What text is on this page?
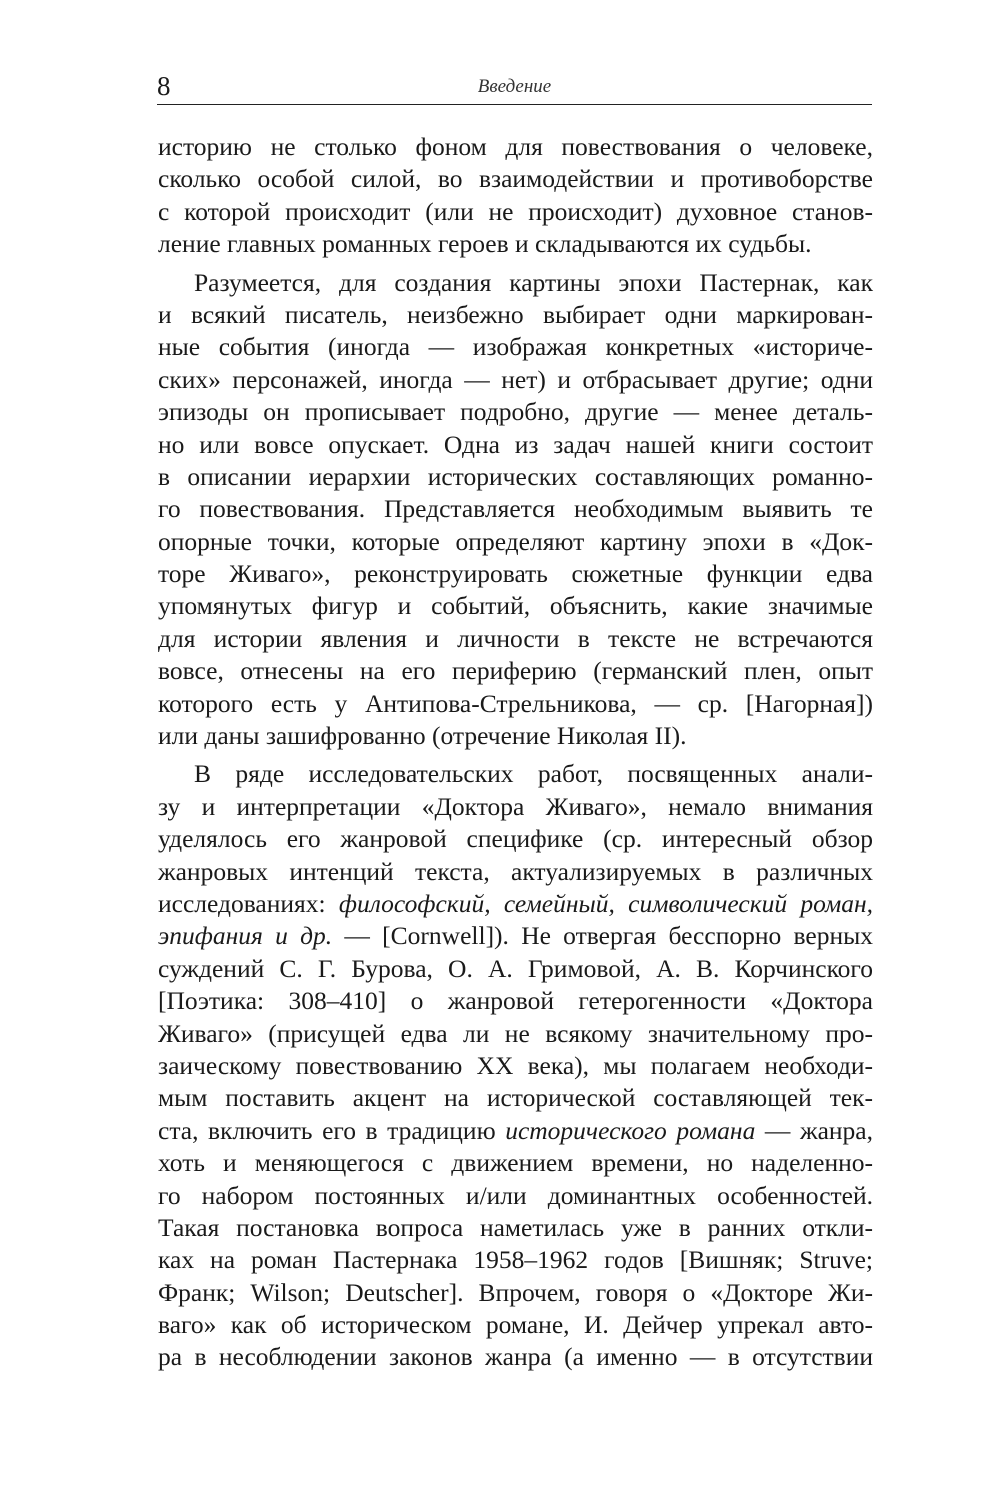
8	Введение
историю не столько фоном для повествования о человеке,
сколько особой силой, во взаимодействии и противоборстве
с которой происходит (или не происходит) духовное станов-
ление главных романных героев и складываются их судьбы.
Разумеется, для создания картины эпохи Пастернак, как
и всякий писатель, неизбежно выбирает одни маркирован-
ные события (иногда — изображая конкретных «историче-
ских» персонажей, иногда — нет) и отбрасывает другие; одни
эпизоды он прописывает подробно, другие — менее деталь-
но или вовсе опускает. Одна из задач нашей книги состоит
в описании иерархии исторических составляющих романно-
го повествования. Представляется необходимым выявить те
опорные точки, которые определяют картину эпохи в «Док-
торе Живаго», реконструировать сюжетные функции едва
упомянутых фигур и событий, объяснить, какие значимые
для истории явления и личности в тексте не встречаются
вовсе, отнесены на его периферию (германский плен, опыт
которого есть у Антипова-Стрельникова, — ср. [Нагорная])
или даны зашифрованно (отречение Николая II).
В ряде исследовательских работ, посвященных анали-
зу и интерпретации «Доктора Живаго», немало внимания
уделялось его жанровой специфике (ср. интересный обзор
жанровых интенций текста, актуализируемых в различных
исследованиях: философский, семейный, символический роман,
эпифания и др. — [Cornwell]). Не отвергая бесспорно верных
суждений С. Г. Бурова, О. А. Гримовой, А. В. Корчинского
[Поэтика: 308–410] о жанровой гетерогенности «Доктора
Живаго» (присущей едва ли не всякому значительному про-
заическому повествованию XX века), мы полагаем необходи-
мым поставить акцент на исторической составляющей тек-
ста, включить его в традицию исторического романа — жанра,
хоть и меняющегося с движением времени, но наделенно-
го набором постоянных и/или доминантных особенностей.
Такая постановка вопроса наметилась уже в ранних откли-
ках на роман Пастернака 1958–1962 годов [Вишняк; Struve;
Франк; Wilson; Deutscher]. Впрочем, говоря о «Докторе Жи-
ваго» как об историческом романе, И. Дейчер упрекал авто-
ра в несоблюдении законов жанра (а именно — в отсутствии
